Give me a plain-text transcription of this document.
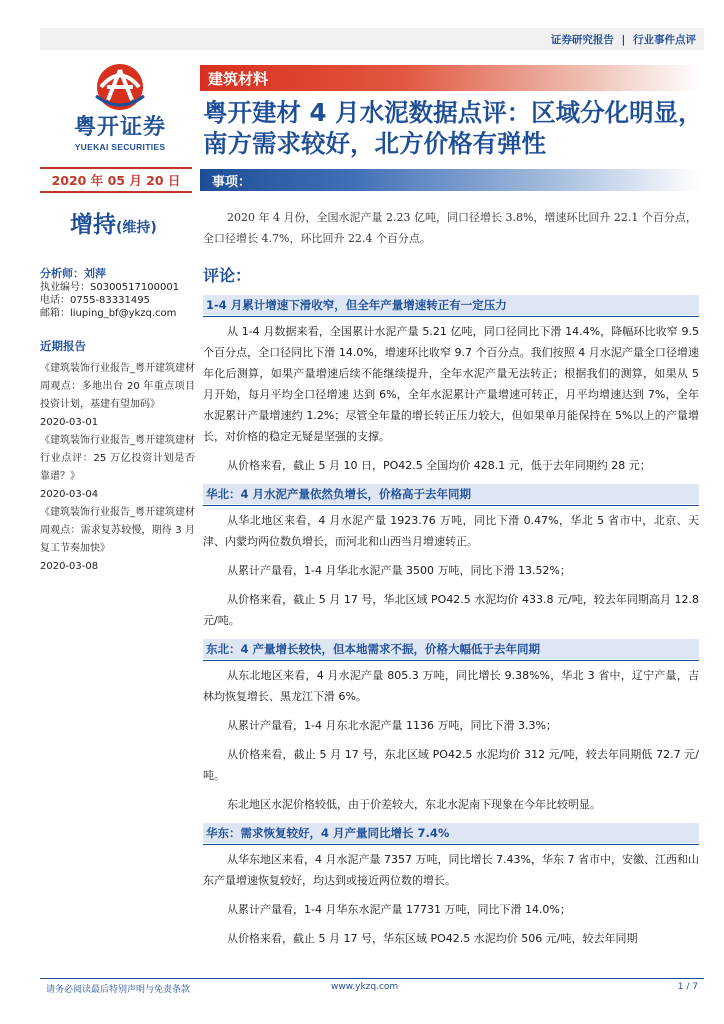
证券研究报告 | 行业事件点评
粤开证券
YUEKAI SECURITIES
建筑材料
粤开建材 4 月水泥数据点评：区域分化明显，南方需求较好，北方价格有弹性
2020 年 05 月 20 日 事项：
增持(维持)

2020 年 4 月份，全国水泥产量 2.23 亿吨，同口径增长 3.8%，增速环比回升 22.1 个百分点，全口径增长 4.7%，环比回升 22.4 个百分点。

分析师：刘萍
执业编号：S0300517100001
电话：0755-83331495
邮箱：liuping_bf@ykzq.com
近期报告
《建筑装饰行业报告_粤开建筑建材周观点：多地出台 20 年重点项目投资计划，基建有望加码》
2020-03-01
《建筑装饰行业报告_粤开建筑建材行业点评：25 万亿投资计划是否靠谱？》
2020-03-04
《建筑装饰行业报告_粤开建筑建材周观点：需求复苏较慢，期待 3 月复工节奏加快》
2020-03-08
评论：
1-4 月累计增速下滑收窄，但全年产量增速转正有一定压力

从 1-4 月数据来看，全国累计水泥产量 5.21 亿吨，同口径同比下滑 14.4%，降幅环比收窄 9.5 个百分点，全口径同比下滑 14.0%，增速环比收窄 9.7 个百分点。我们按照 4 月水泥产量全口径增速年化后测算，如果产量增速后续不能继续提升，全年水泥产量无法转正；根据我们的测算，如果从 5 月开始，每月平均全口径增速 达到 6%，全年水泥累计产量增速可转正，月平均增速达到 7%，全年水泥累计产量增速约 1.2%；尽管全年量的增长转正压力较大，但如果单月能保持在 5%以上的产量增长，对价格的稳定无疑是坚强的支撑。

从价格来看，截止 5 月 10 日，PO42.5 全国均价 428.1 元，低于去年同期约 28 元；

华北：4 月水泥产量依然负增长，价格高于去年同期

从华北地区来看，4 月水泥产量 1923.76 万吨，同比下滑 0.47%，华北 5 省市中，北京、天津、内蒙均两位数负增长，而河北和山西当月增速转正。

从累计产量看，1-4 月华北水泥产量 3500 万吨，同比下滑 13.52%；

从价格来看，截止 5 月 17 号，华北区域 PO42.5 水泥均价 433.8 元/吨，较去年同期高月 12.8 元/吨。

东北：4 产量增长较快，但本地需求不振，价格大幅低于去年同期

从东北地区来看，4 月水泥产量 805.3 万吨，同比增长 9.38%%，华北 3 省中，辽宁产量，吉林均恢复增长、黑龙江下滑 6%。

从累计产量看，1-4 月东北水泥产量 1136 万吨，同比下滑 3.3%；

从价格来看，截止 5 月 17 号，东北区域 PO42.5 水泥均价 312 元/吨，较去年同期低 72.7 元/吨。

东北地区水泥价格较低，由于价差较大，东北水泥南下现象在今年比较明显。

华东：需求恢复较好，4 月产量同比增长 7.4%

从华东地区来看，4 月水泥产量 7357 万吨，同比增长 7.43%，华东 7 省市中，安徽、江西和山东产量增速恢复较好，均达到或接近两位数的增长。

从累计产量看，1-4 月华东水泥产量 17731 万吨，同比下滑 14.0%；

从价格来看，截止 5 月 17 号，华东区域 PO42.5 水泥均价 506 元/吨，较去年同期

请务必阅读最后特别声明与免责条款	www.ykzq.com	1 / 7
